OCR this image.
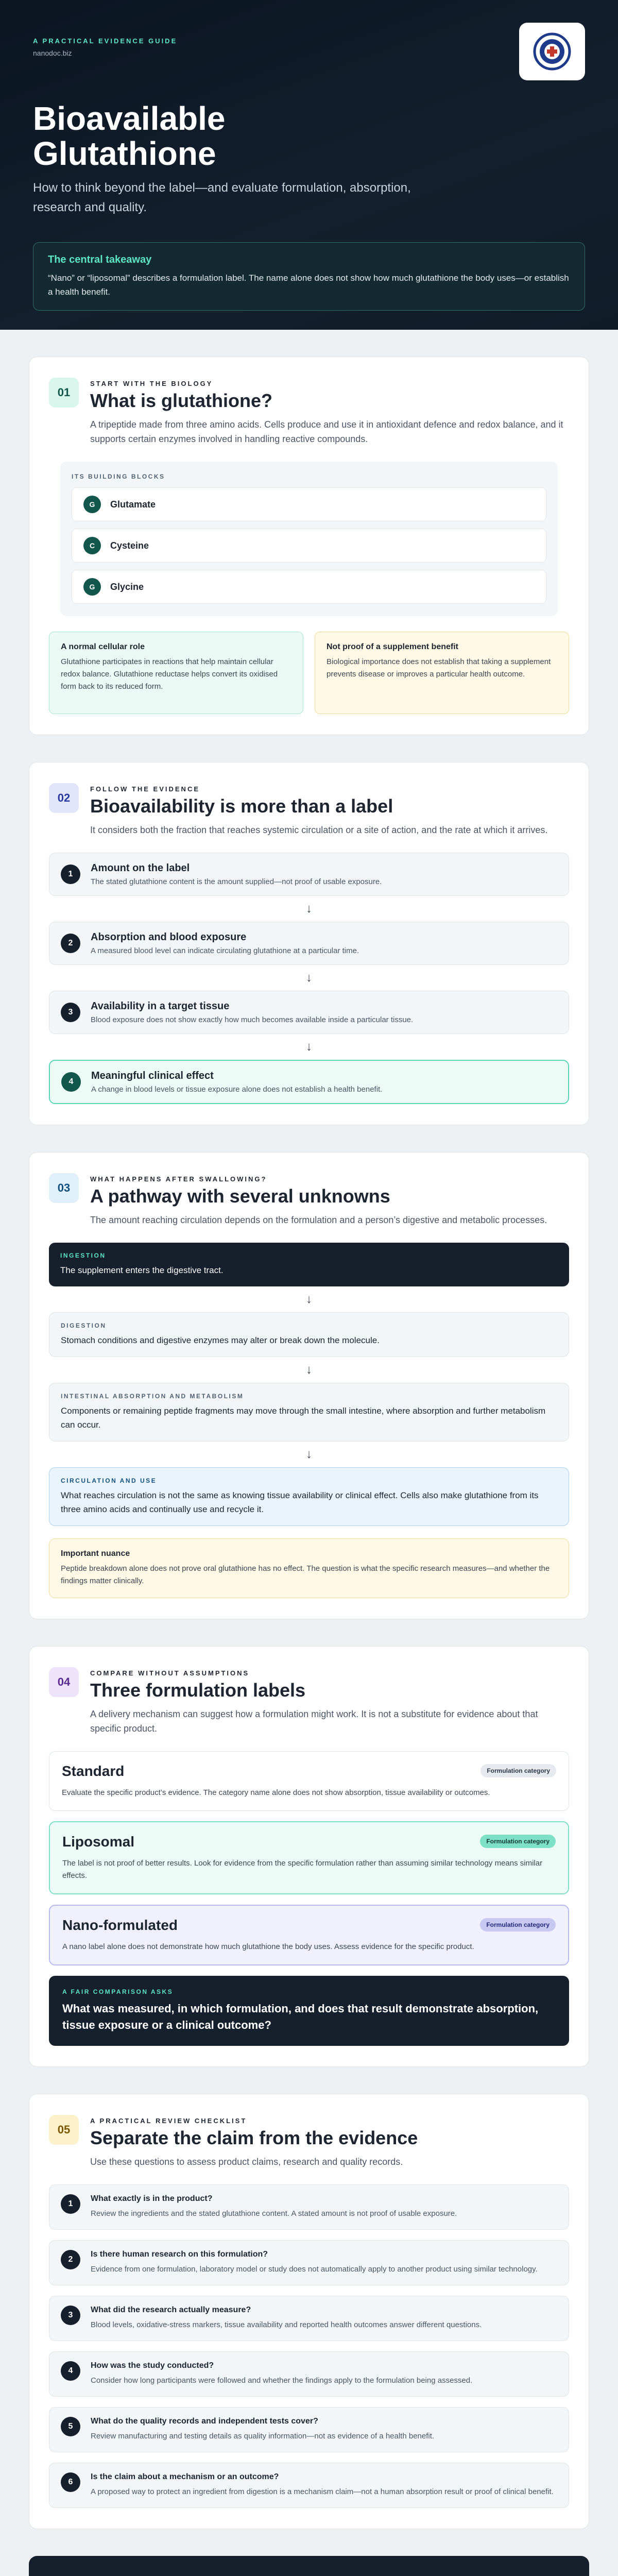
A PRACTICAL EVIDENCE GUIDE
nanodoc.biz
Bioavailable Glutathione

How to think beyond the label—and evaluate formulation, absorption, research and quality.

The central takeaway
“Nano” or “liposomal” describes a formulation label. The name alone does not show how much glutathione the body uses—or establish a health benefit.
01
START WITH THE BIOLOGY
What is glutathione?

A tripeptide made from three amino acids. Cells produce and use it in antioxidant defence and redox balance, and it supports certain enzymes involved in handling reactive compounds.

ITS BUILDING BLOCKS
G	Glutamate
C	Cysteine
G	Glycine
A normal cellular role
Glutathione participates in reactions that help maintain cellular redox balance. Glutathione reductase helps convert its oxidised form back to its reduced form.
Not proof of a supplement benefit
Biological importance does not establish that taking a supplement prevents disease or improves a particular health outcome.
02
FOLLOW THE EVIDENCE
Bioavailability is more than a label

It considers both the fraction that reaches systemic circulation or a site of action, and the rate at which it arrives.

1
Amount on the label
The stated glutathione content is the amount supplied—not proof of usable exposure.
↓
2
Absorption and blood exposure
A measured blood level can indicate circulating glutathione at a particular time.
↓
3
Availability in a target tissue
Blood exposure does not show exactly how much becomes available inside a particular tissue.
↓
4
Meaningful clinical effect
A change in blood levels or tissue exposure alone does not establish a health benefit.
03
WHAT HAPPENS AFTER SWALLOWING?
A pathway with several unknowns

The amount reaching circulation depends on the formulation and a person’s digestive and metabolic processes.

INGESTION
The supplement enters the digestive tract.
↓
DIGESTION
Stomach conditions and digestive enzymes may alter or break down the molecule.
↓
INTESTINAL ABSORPTION AND METABOLISM
Components or remaining peptide fragments may move through the small intestine, where absorption and further metabolism can occur.
↓
CIRCULATION AND USE
What reaches circulation is not the same as knowing tissue availability or clinical effect. Cells also make glutathione from its three amino acids and continually use and recycle it.
Important nuance
Peptide breakdown alone does not prove oral glutathione has no effect. The question is what the specific research measures—and whether the findings matter clinically.
04
COMPARE WITHOUT ASSUMPTIONS
Three formulation labels

A delivery mechanism can suggest how a formulation might work. It is not a substitute for evidence about that specific product.

Formulation category
Standard
Evaluate the specific product’s evidence. The category name alone does not show absorption, tissue availability or outcomes.
Formulation category
Liposomal
The label is not proof of better results. Look for evidence from the specific formulation rather than assuming similar technology means similar effects.
Formulation category
Nano-formulated
A nano label alone does not demonstrate how much glutathione the body uses. Assess evidence for the specific product.
A FAIR COMPARISON ASKS
What was measured, in which formulation, and does that result demonstrate absorption, tissue exposure or a clinical outcome?
05
A PRACTICAL REVIEW CHECKLIST
Separate the claim from the evidence

Use these questions to assess product claims, research and quality records.

1
What exactly is in the product?
Review the ingredients and the stated glutathione content. A stated amount is not proof of usable exposure.
2
Is there human research on this formulation?
Evidence from one formulation, laboratory model or study does not automatically apply to another product using similar technology.
3
What did the research actually measure?
Blood levels, oxidative-stress markers, tissue availability and reported health outcomes answer different questions.
4
How was the study conducted?
Consider how long participants were followed and whether the findings apply to the formulation being assessed.
5
What do the quality records and independent tests cover?
Review manufacturing and testing details as quality information—not as evidence of a health benefit.
6
Is the claim about a mechanism or an outcome?
A proposed way to protect an ingredient from digestion is a mechanism claim—not a human absorption result or proof of clinical benefit.
